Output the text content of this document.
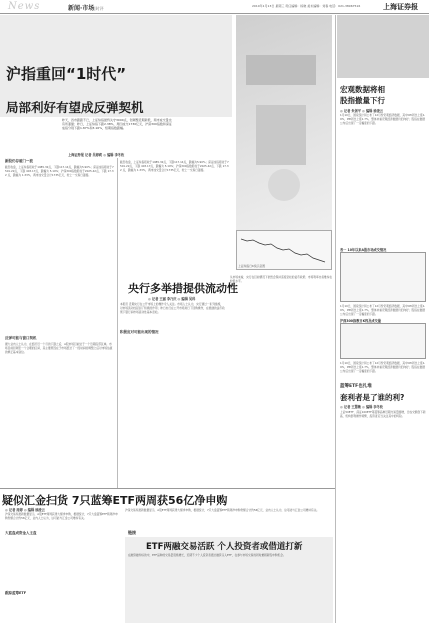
News	新闻·市场|时评	2010年1月13日 星期三 责任编辑：杨晓 美术编辑：刘春 电话：021-38967516	上海证券报
沪指重回“1时代”
局部利好有望成反弹契机
昨天，四市跌跌不已，上证综指最终失守3000点，创调整近期新低，两市成交量也有所萎缩；昨日，上证综指下跌2.38%，周四成交1730亿元，沪深300指数和深证成指分别下跌1.87%和3.16%，短期指数跌幅。
上海证券报 记者 吴婷莉 ◎ 编辑 李冬枚
新股仍存破门一波
截至收盘，上证综指报收于1985.32点，下跌117.14点，跌幅为5.90%；深证成指报收于7501.22点，下跌 403.17点，跌幅为 5.10%；沪深300指数报收于2025.42点，下跌 17.32 点，跌幅为 1.33%，两市成交量合计1735亿元，较上一交易日萎缩。
反弹可能与窗口契机
据大业内人士认为，在经历近一个月的下跌之后，A股市场目前处于一个近期底部区域。市场目前回调至一个合理的区间，其主要原因在于市场经过了一段时间的调整之后对市场估值的修正基本到位。
截至收盘，上证综指报收于1985.32点，下跌117.14点，跌幅为5.90%；深证成指报收于7501.22点，下跌 403.17点，跌幅为 5.10%；沪深300指数报收于2025.42点，下跌 17.32 点，跌幅为 1.33%，两市成交量合计1735亿元，较上一交易日萎缩。
上证综指日K线示意图
宏观数据将相
股指撤量下行
◎ 记者 朱剑平 ◎ 编辑 徐凌云
1月10日，国家统计局公布了12月份宏观经济数据，其中CPI同比上涨1.9%，PPI同比上涨1.7%，整体来看宏观经济数据仍旧向好；股指在数据公布后出现了一定幅度的下跌。
表一 10年以来A股市场成交情况
1月10日，国家统计局公布了12月份宏观经济数据，其中CPI同比上涨1.9%，PPI同比上涨1.7%，整体来看宏观经济数据仍旧向好；股指在数据公布后出现了一定幅度的下跌。
沪深300指数日K线及成交量
1月10日，国家统计局公布了12月份宏观经济数据，其中CPI同比上涨1.9%，PPI同比上涨1.7%，整体来看宏观经济数据仍旧向好；股指在数据公布后出现了一定幅度的下跌。
蓝筹ETF也扎堆
套利者是了谁的利?
◎ 记者 王慧敏 ◎ 编辑 李冬枚
上证50ETF、深证100ETF等蓝筹品种近期交易量剧增，日成交额创下新高，机构套利操作频繁，投资者应当关注其中的风险。
央行多举措提供流动性
◎ 记者 王丽 李乃庆 ◎ 编辑 吴科
本报讯 近期央行在公开市场上的操作令人关注。市场人士认为，央行通过一系列措施，对市场流动性起到了积极的作用；昨日央行在公开市场进行了回购操作，在稳健的货币政策下银行间市场流动性基本宽松。
积极应对可能出现的情况
从市场来看，央行在目前情况下依然会保持适度宽松的货币政策；市场利率也将维持在较低水平。
疑似汇金扫货 7只蓝筹ETF两周获56亿净申购
◎ 记者 周婷 ◎ 编辑 徐凌云
沪深交易所最新数据显示，A股ETF两周获得大额净申购，根据统计，7只大盘蓝筹ETF两周净申购份额合计约56亿元，业内人士认为，这可能与汇金公司增持有关。
大蓝盘成资金入主盘
跟踪蓝筹ETF
沪深交易所最新数据显示，A股ETF两周获得大额净申购，根据统计，7只大盘蓝筹ETF两周净申购份额合计约56亿元，业内人士认为，这可能与汇金公司增持有关。
链接
ETF两融交易活跃 个人投资者或借道打新
在融资融券标的中，ETF品种的交易量逐渐增长，近期不少个人投资者通过融资买入ETF，在参与市场交易的同时兼顾新股申购机会。
